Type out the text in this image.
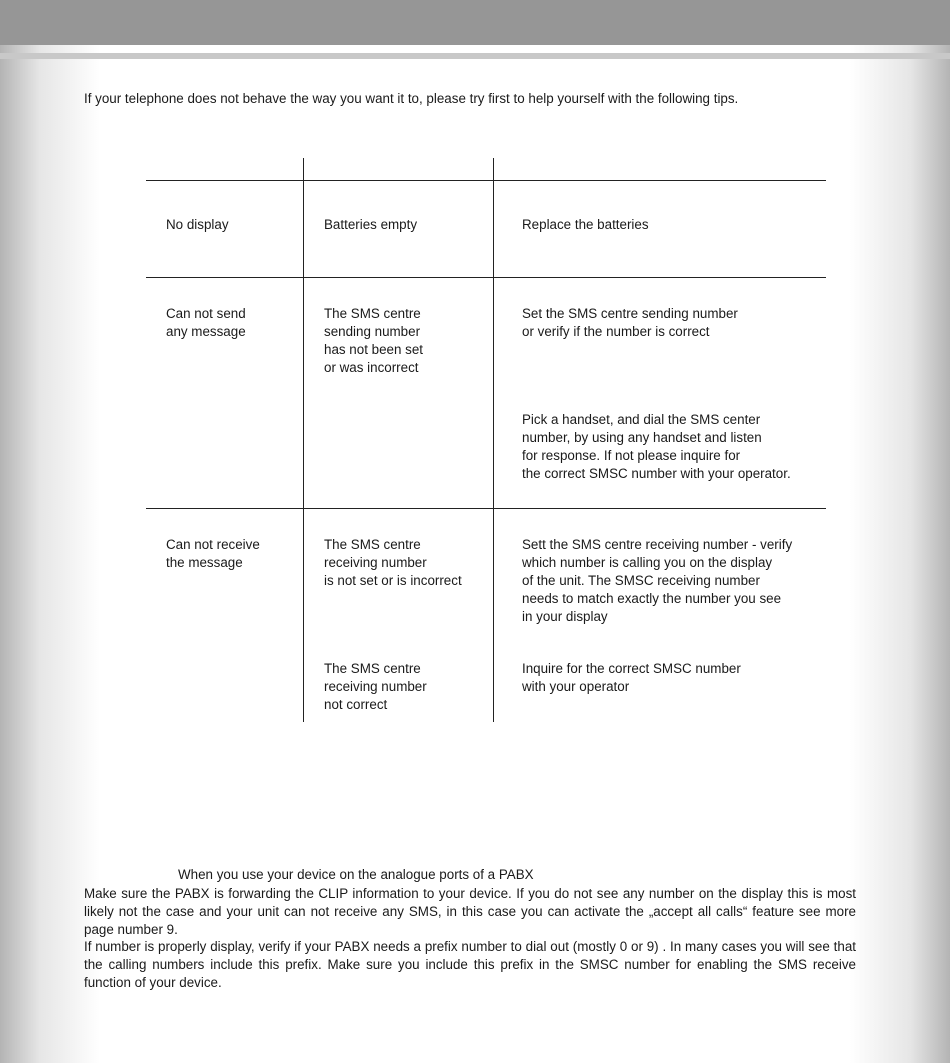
If your telephone does not behave the way you want it to, please try first to help yourself with the following tips.
No display	Batteries empty	Replace the batteries
Can not send
any message
The SMS centre
sending number
has not been set
or was incorrect
Set the SMS centre sending number
or verify if the number is correct
Pick a handset, and dial the SMS center
number, by using any handset and listen
for response. If not please inquire for
the correct SMSC number with your operator.
Can not receive
the message
The SMS centre
receiving number
is not set or is incorrect
The SMS centre
receiving number
not correct
Sett the SMS centre receiving number - verify
which number is calling you on the display
of the unit. The SMSC receiving number
needs to match exactly the number you see
in your display
Inquire for the correct SMSC number
with your operator
When you use your device on the analogue ports of a PABX
Make sure the PABX is forwarding the CLIP information to your device. If you do not see any number on the display this is most likely not the case and your unit can not receive any SMS, in this case you can activate the „accept all calls“ feature see more page number 9.
If number is properly display, verify if your PABX needs a prefix number to dial out (mostly 0 or 9) . In many cases you will see that the calling numbers include this prefix. Make sure you include this prefix in the SMSC number for enabling the SMS receive function of your device.
